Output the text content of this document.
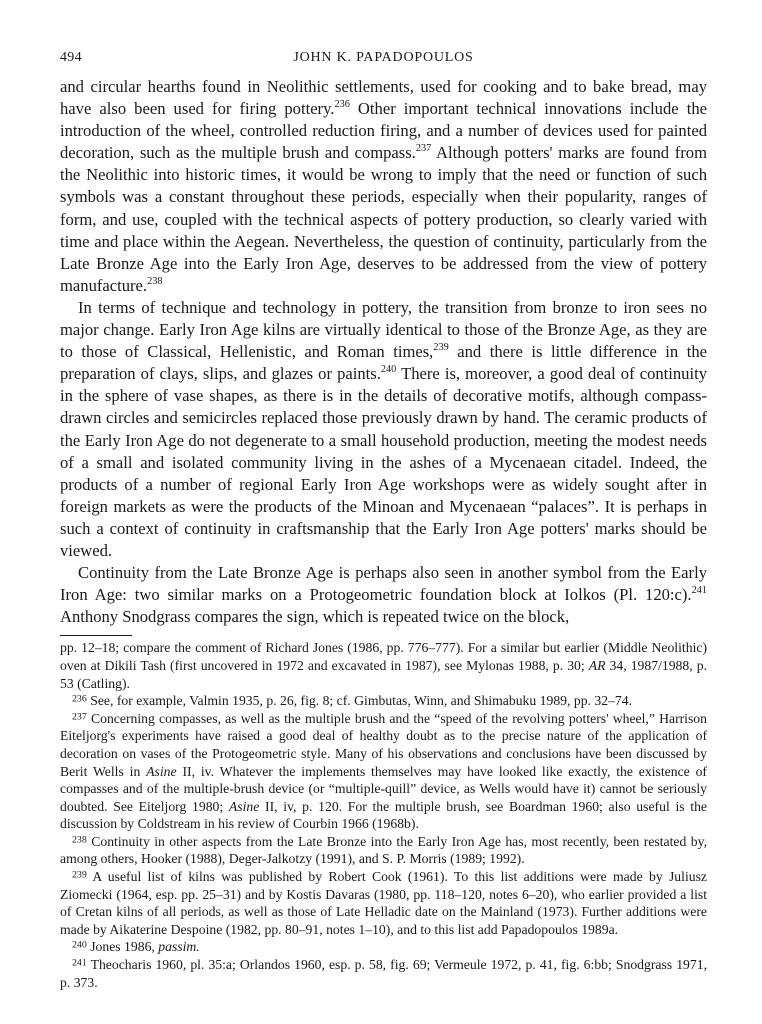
494	JOHN K. PAPADOPOULOS

and circular hearths found in Neolithic settlements, used for cooking and to bake bread, may have also been used for firing pottery.$^{236}$ Other important technical innovations include the introduction of the wheel, controlled reduction firing, and a number of devices used for painted decoration, such as the multiple brush and compass.$^{237}$ Although potters' marks are found from the Neolithic into historic times, it would be wrong to imply that the need or function of such symbols was a constant throughout these periods, especially when their popularity, ranges of form, and use, coupled with the technical aspects of pottery production, so clearly varied with time and place within the Aegean. Nevertheless, the question of continuity, particularly from the Late Bronze Age into the Early Iron Age, deserves to be addressed from the view of pottery manufacture.$^{238}$

In terms of technique and technology in pottery, the transition from bronze to iron sees no major change. Early Iron Age kilns are virtually identical to those of the Bronze Age, as they are to those of Classical, Hellenistic, and Roman times,$^{239}$ and there is little difference in the preparation of clays, slips, and glazes or paints.$^{240}$ There is, moreover, a good deal of continuity in the sphere of vase shapes, as there is in the details of decorative motifs, although compass-drawn circles and semicircles replaced those previously drawn by hand. The ceramic products of the Early Iron Age do not degenerate to a small household production, meeting the modest needs of a small and isolated community living in the ashes of a Mycenaean citadel. Indeed, the products of a number of regional Early Iron Age workshops were as widely sought after in foreign markets as were the products of the Minoan and Mycenaean “palaces”. It is perhaps in such a context of continuity in craftsmanship that the Early Iron Age potters' marks should be viewed.

Continuity from the Late Bronze Age is perhaps also seen in another symbol from the Early Iron Age: two similar marks on a Protogeometric foundation block at Iolkos (Pl. 120:c).$^{241}$ Anthony Snodgrass compares the sign, which is repeated twice on the block,

pp. 12–18; compare the comment of Richard Jones (1986, pp. 776–777). For a similar but earlier (Middle Neolithic) oven at Dikili Tash (first uncovered in 1972 and excavated in 1987), see Mylonas 1988, p. 30; AR 34, 1987/1988, p. 53 (Catling).

$^{236}$ See, for example, Valmin 1935, p. 26, fig. 8; cf. Gimbutas, Winn, and Shimabuku 1989, pp. 32–74.

$^{237}$ Concerning compasses, as well as the multiple brush and the “speed of the revolving potters' wheel,” Harrison Eiteljorg's experiments have raised a good deal of healthy doubt as to the precise nature of the application of decoration on vases of the Protogeometric style. Many of his observations and conclusions have been discussed by Berit Wells in Asine II, iv. Whatever the implements themselves may have looked like exactly, the existence of compasses and of the multiple-brush device (or “multiple-quill” device, as Wells would have it) cannot be seriously doubted. See Eiteljorg 1980; Asine II, iv, p. 120. For the multiple brush, see Boardman 1960; also useful is the discussion by Coldstream in his review of Courbin 1966 (1968b).

$^{238}$ Continuity in other aspects from the Late Bronze into the Early Iron Age has, most recently, been restated by, among others, Hooker (1988), Deger-Jalkotzy (1991), and S. P. Morris (1989; 1992).

$^{239}$ A useful list of kilns was published by Robert Cook (1961). To this list additions were made by Juliusz Ziomecki (1964, esp. pp. 25–31) and by Kostis Davaras (1980, pp. 118–120, notes 6–20), who earlier provided a list of Cretan kilns of all periods, as well as those of Late Helladic date on the Mainland (1973). Further additions were made by Aikaterine Despoine (1982, pp. 80–91, notes 1–10), and to this list add Papadopoulos 1989a.

$^{240}$ Jones 1986, passim.

$^{241}$ Theocharis 1960, pl. 35:a; Orlandos 1960, esp. p. 58, fig. 69; Vermeule 1972, p. 41, fig. 6:bb; Snodgrass 1971, p. 373.
